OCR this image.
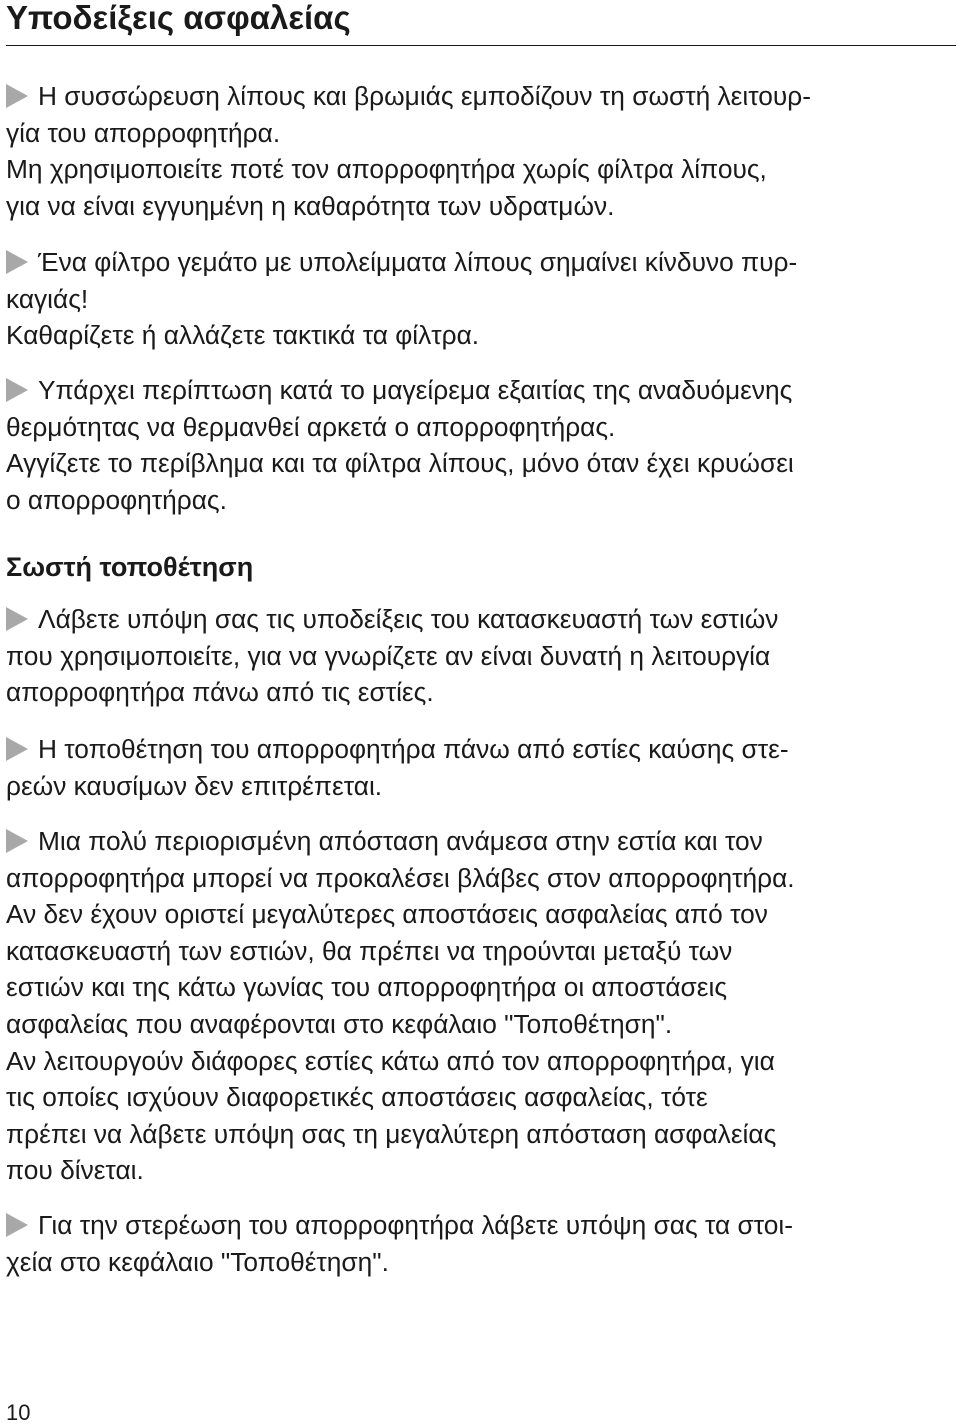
Υποδείξεις ασφαλείας

Η συσσώρευση λίπους και βρωμιάς εμποδίζουν τη σωστή λειτουρ-
γία του απορροφητήρα.
Μη χρησιμοποιείτε ποτέ τον απορροφητήρα χωρίς φίλτρα λίπους,
για να είναι εγγυημένη η καθαρότητα των υδρατμών.

Ένα φίλτρο γεμάτο με υπολείμματα λίπους σημαίνει κίνδυνο πυρ-
καγιάς!
Καθαρίζετε ή αλλάζετε τακτικά τα φίλτρα.

Υπάρχει περίπτωση κατά το μαγείρεμα εξαιτίας της αναδυόμενης
θερμότητας να θερμανθεί αρκετά ο απορροφητήρας.
Αγγίζετε το περίβλημα και τα φίλτρα λίπους, μόνο όταν έχει κρυώσει
ο απορροφητήρας.

Σωστή τοποθέτηση

Λάβετε υπόψη σας τις υποδείξεις του κατασκευαστή των εστιών
που χρησιμοποιείτε, για να γνωρίζετε αν είναι δυνατή η λειτουργία
απορροφητήρα πάνω από τις εστίες.

Η τοποθέτηση του απορροφητήρα πάνω από εστίες καύσης στε-
ρεών καυσίμων δεν επιτρέπεται.

Μια πολύ περιορισμένη απόσταση ανάμεσα στην εστία και τον
απορροφητήρα μπορεί να προκαλέσει βλάβες στον απορροφητήρα.
Αν δεν έχουν οριστεί μεγαλύτερες αποστάσεις ασφαλείας από τον
κατασκευαστή των εστιών, θα πρέπει να τηρούνται μεταξύ των
εστιών και της κάτω γωνίας του απορροφητήρα οι αποστάσεις
ασφαλείας που αναφέρονται στο κεφάλαιο "Τοποθέτηση".
Αν λειτουργούν διάφορες εστίες κάτω από τον απορροφητήρα, για
τις οποίες ισχύουν διαφορετικές αποστάσεις ασφαλείας, τότε
πρέπει να λάβετε υπόψη σας τη μεγαλύτερη απόσταση ασφαλείας
που δίνεται.

Για την στερέωση του απορροφητήρα λάβετε υπόψη σας τα στοι-
χεία στο κεφάλαιο "Τοποθέτηση".

10
